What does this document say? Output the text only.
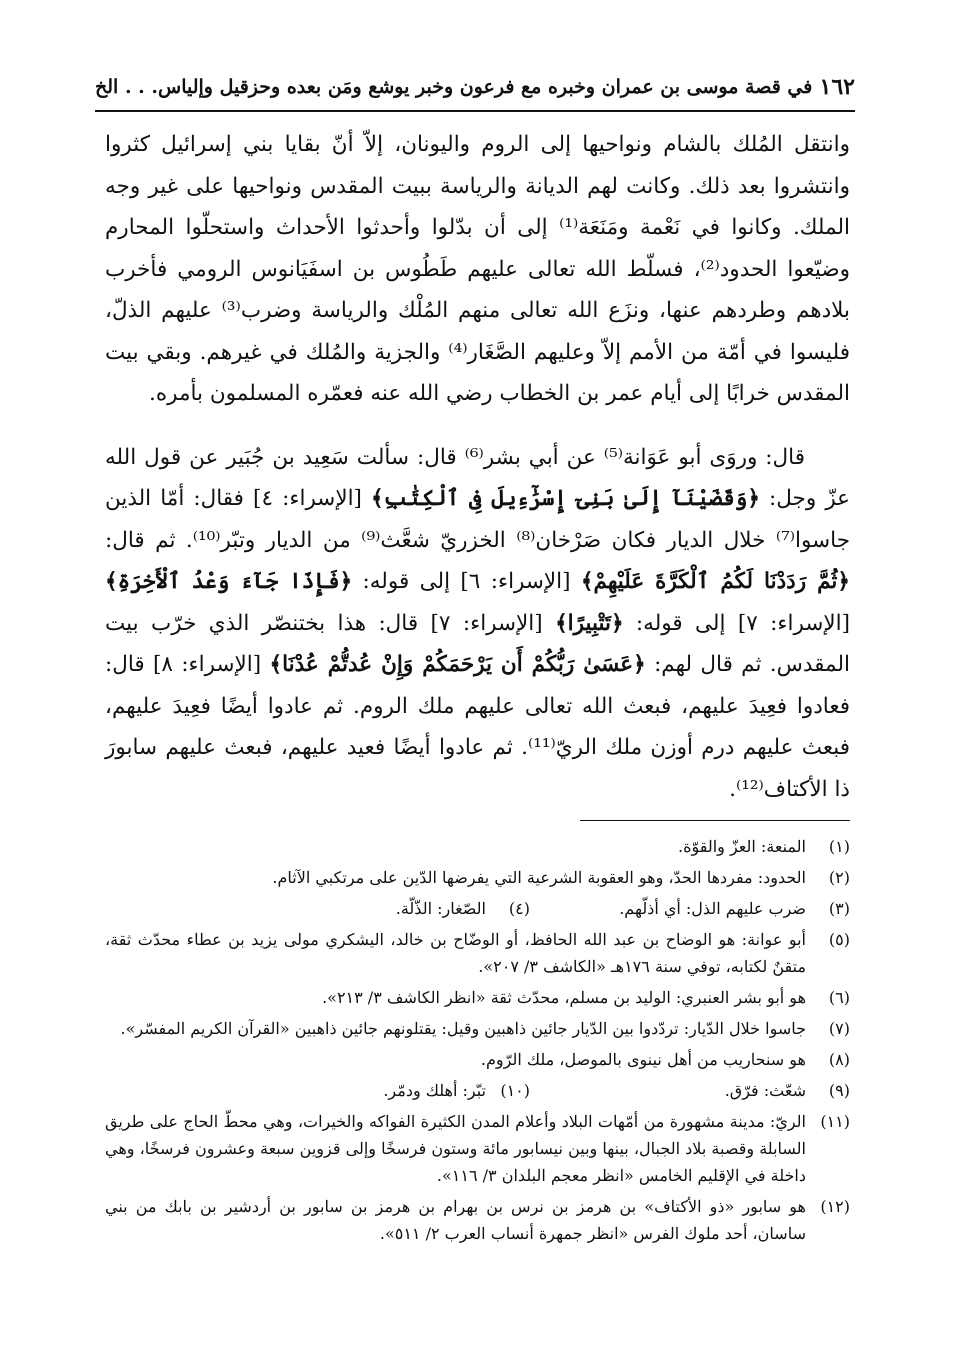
١٦٢
في قصة موسى بن عمران وخبره مع فرعون وخبر يوشع ومَن بعده وحزقيل وإلياس. . . الخ

وانتقل المُلك بالشام ونواحيها إلى الروم واليونان، إلاّ أنّ بقايا بني إسرائيل كثروا وانتشروا بعد ذلك. وكانت لهم الديانة والرياسة ببيت المقدس ونواحيها على غير وجه الملك. وكانوا في نَعْمة ومَنَعَة⁽¹⁾ إلى أن بدّلوا وأحدثوا الأحداث واستحلّوا المحارم وضيّعوا الحدود⁽²⁾، فسلّط الله تعالى عليهم طَطُوس بن اسفَيَانوس الرومي فأخرب بلادهم وطردهم عنها، ونزَع الله تعالى منهم المُلْك والرياسة وضرب⁽³⁾ عليهم الذلّ، فليسوا في أمّة من الأمم إلاّ وعليهم الصَّغَار⁽⁴⁾ والجزية والمُلك في غيرهم. وبقي بيت المقدس خرابًا إلى أيام عمر بن الخطاب رضي الله عنه فعمّره المسلمون بأمره.

قال: وروَى أبو عَوَانة⁽⁵⁾ عن أبي بشر⁽⁶⁾ قال: سألت سَعِيد بن جُبَير عن قول الله عزّ وجل: ﴿وَقَضَيْنَآ إِلَىٰ بَنِىٓ إِسْرَٰٓءِيلَ فِى ٱلْكِتَٰبِ﴾ [الإسراء: ٤] فقال: أمّا الذين جاسوا⁽⁷⁾ خلال الديار فكان صَرْخان⁽⁸⁾ الخزريّ شعَّث⁽⁹⁾ من الديار وتبّر⁽¹⁰⁾. ثم قال: ﴿ثُمَّ رَدَدْنَا لَكُمُ ٱلْكَرَّةَ عَلَيْهِمْ﴾ [الإسراء: ٦] إلى قوله: ﴿فَإِذَا جَآءَ وَعْدُ ٱلْأَخِرَةِ﴾ [الإسراء: ٧] إلى قوله: ﴿تَتْبِيرًا﴾ [الإسراء: ٧] قال: هذا بختنصّر الذي خرّب بيت المقدس. ثم قال لهم: ﴿عَسَىٰ رَبُّكُمْ أَن يَرْحَمَكُمْ وَإِنْ عُدتُّمْ عُدْنَا﴾ [الإسراء: ٨] قال: فعادوا فعِيدَ عليهم، فبعث الله تعالى عليهم ملك الروم. ثم عادوا أيضًا فعِيدَ عليهم، فبعث عليهم درم أوزن ملك الريّ⁽¹¹⁾. ثم عادوا أيضًا فعيد عليهم، فبعث عليهم سابورَ ذا الأكتاف⁽¹²⁾.

(١)
المنعة: العزّ والقوّة.
(٢)
الحدود: مفردها الحدّ، وهو العقوبة الشرعية التي يفرضها الدّين على مرتكبي الآثام.
(٣)
ضرب عليهم الذل: أي أذلّهم.
(٤)
الصّغار: الذّلّة.
(٥)
أبو عوانة: هو الوضاح بن عبد الله الحافظ، أو الوضّاح بن خالد، اليشكري مولى يزيد بن عطاء محدّث ثقة، متقنٌ لكتابه، توفي سنة ١٧٦هـ «الكاشف ٣/ ٢٠٧».
(٦)
هو أبو بشر العنبري: الوليد بن مسلم، محدّث ثقة «انظر الكاشف ٣/ ٢١٣».
(٧)
جاسوا خلال الدّيار: تردّدوا بين الدّيار جائين ذاهبين وقيل: يقتلونهم جائين ذاهبين «القرآن الكريم المفسّر».
(٨)
هو سنحاريب من أهل نينوى بالموصل، ملك الرّوم.
(٩)
شعّث: فرّق.
(١٠)
تبّر: أهلك ودمّر.
(١١)
الريّ: مدينة مشهورة من أمّهات البلاد وأعلام المدن الكثيرة الفواكه والخيرات، وهي محطّ الحاج على طريق السابلة وقصبة بلاد الجبال، بينها وبين نيسابور مائة وستون فرسخًا وإلى قزوين سبعة وعشرون فرسخًا، وهي داخلة في الإقليم الخامس «انظر معجم البلدان ٣/ ١١٦».
(١٢)
هو سابور «ذو الأكتاف» بن هرمز بن نرس بن بهرام بن هرمز بن سابور بن أردشير بن بابك من بني ساسان، أحد ملوك الفرس «انظر جمهرة أنساب العرب ٢/ ٥١١».
